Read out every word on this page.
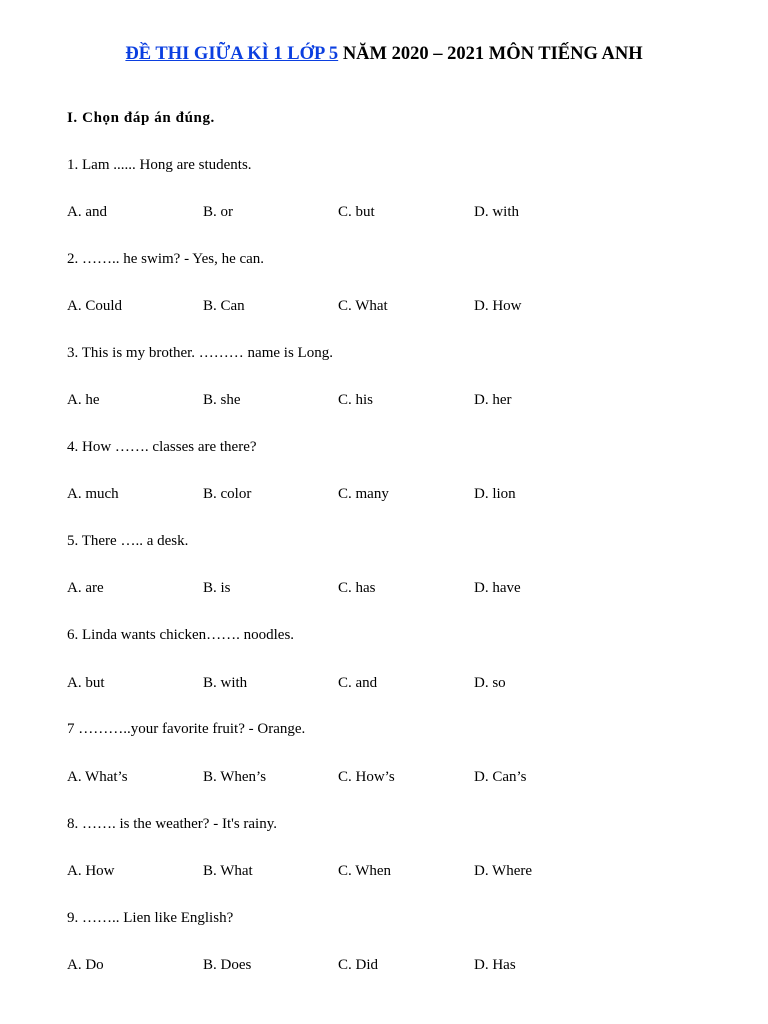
ĐỀ THI GIỮA KÌ 1 LỚP 5 NĂM 2020 – 2021 MÔN TIẾNG ANH
I. Chọn đáp án đúng.
1. Lam ...... Hong are students.
A. and	B. or	C. but	D. with
2. …….. he swim? - Yes, he can.
A. Could	B. Can	C. What	D. How
3. This is my brother. ……… name is Long.
A. he	B. she	C. his	D. her
4. How ……. classes are there?
A. much	B. color	C. many	D. lion
5. There ….. a desk.
A. are	B. is	C. has	D. have
6. Linda wants chicken……. noodles.
A. but	B. with	C. and	D. so
7 ………..your favorite fruit? - Orange.
A. What’s	B. When’s	C. How’s	D. Can’s
8. ……. is the weather? - It's rainy.
A. How	B. What	C. When	D. Where
9. …….. Lien like English?
A. Do	B. Does	C. Did	D. Has
